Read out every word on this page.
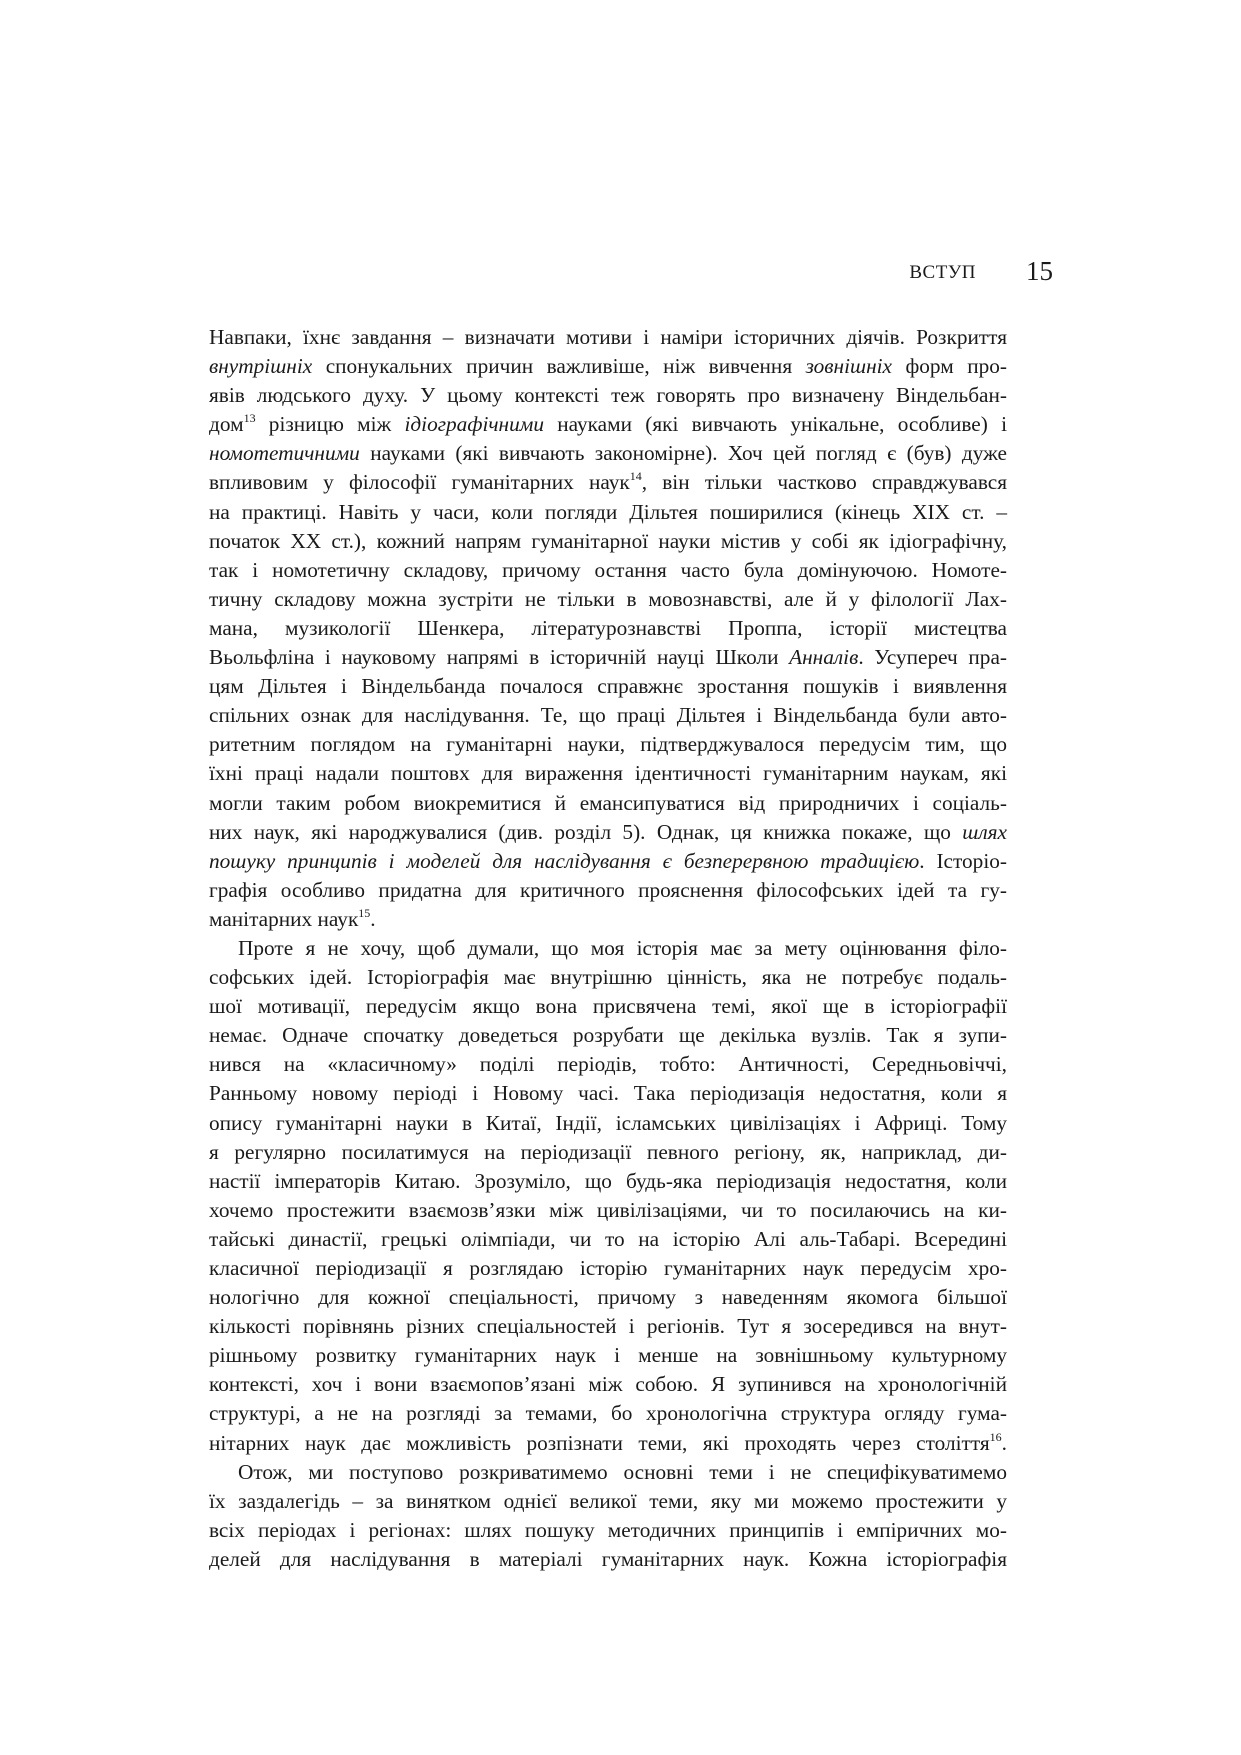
ВСТУП 15
Навпаки, їхнє завдання – визначати мотиви і наміри історичних діячів. Розкриття
внутрішніх спонукальних причин важливіше, ніж вивчення зовнішніх форм про-
явів людського духу. У цьому контексті теж говорять про визначену Віндельбан-
дом$^{13}$ різницю між ідіографічними науками (які вивчають унікальне, особливе) і
номотетичними науками (які вивчають закономірне). Хоч цей погляд є (був) дуже
впливовим у філософії гуманітарних наук$^{14}$, він тільки частково справджувався
на практиці. Навіть у часи, коли погляди Дільтея поширилися (кінець XIX ст. –
початок XX ст.), кожний напрям гуманітарної науки містив у собі як ідіографічну,
так і номотетичну складову, причому остання часто була домінуючою. Номоте-
тичну складову можна зустріти не тільки в мовознавстві, але й у філології Лах-
мана, музикології Шенкера, літературознавстві Проппа, історії мистецтва
Вьольфліна і науковому напрямі в історичній науці Школи Анналів. Усупереч пра-
цям Дільтея і Віндельбанда почалося справжнє зростання пошуків і виявлення
спільних ознак для наслідування. Те, що праці Дільтея і Віндельбанда були авто-
ритетним поглядом на гуманітарні науки, підтверджувалося передусім тим, що
їхні праці надали поштовх для вираження ідентичності гуманітарним наукам, які
могли таким робом виокремитися й емансипуватися від природничих і соціаль-
них наук, які народжувалися (див. розділ 5). Однак, ця книжка покаже, що шлях
пошуку принципів і моделей для наслідування є безперервною традицією. Історіо-
графія особливо придатна для критичного прояснення філософських ідей та гу-
манітарних наук$^{15}$.
Проте я не хочу, щоб думали, що моя історія має за мету оцінювання філо-
софських ідей. Історіографія має внутрішню цінність, яка не потребує подаль-
шої мотивації, передусім якщо вона присвячена темі, якої ще в історіографії
немає. Одначе спочатку доведеться розрубати ще декілька вузлів. Так я зупи-
нився на «класичному» поділі періодів, тобто: Античності, Середньовіччі,
Ранньому новому періоді і Новому часі. Така періодизація недостатня, коли я
опису гуманітарні науки в Китаї, Індії, ісламських цивілізаціях і Африці. Тому
я регулярно посилатимуся на періодизації певного регіону, як, наприклад, ди-
настії імператорів Китаю. Зрозуміло, що будь-яка періодизація недостатня, коли
хочемо простежити взаємозв’язки між цивілізаціями, чи то посилаючись на ки-
тайські династії, грецькі олімпіади, чи то на історію Алі аль-Табарі. Всередині
класичної періодизації я розглядаю історію гуманітарних наук передусім хро-
нологічно для кожної спеціальності, причому з наведенням якомога більшої
кількості порівнянь різних спеціальностей і регіонів. Тут я зосередився на внут-
рішньому розвитку гуманітарних наук і менше на зовнішньому культурному
контексті, хоч і вони взаємопов’язані між собою. Я зупинився на хронологічній
структурі, а не на розгляді за темами, бо хронологічна структура огляду гума-
нітарних наук дає можливість розпізнати теми, які проходять через століття$^{16}$.
Отож, ми поступово розкриватимемо основні теми і не специфікуватимемо
їх заздалегідь – за винятком однієї великої теми, яку ми можемо простежити у
всіх періодах і регіонах: шлях пошуку методичних принципів і емпіричних мо-
делей для наслідування в матеріалі гуманітарних наук. Кожна історіографія
